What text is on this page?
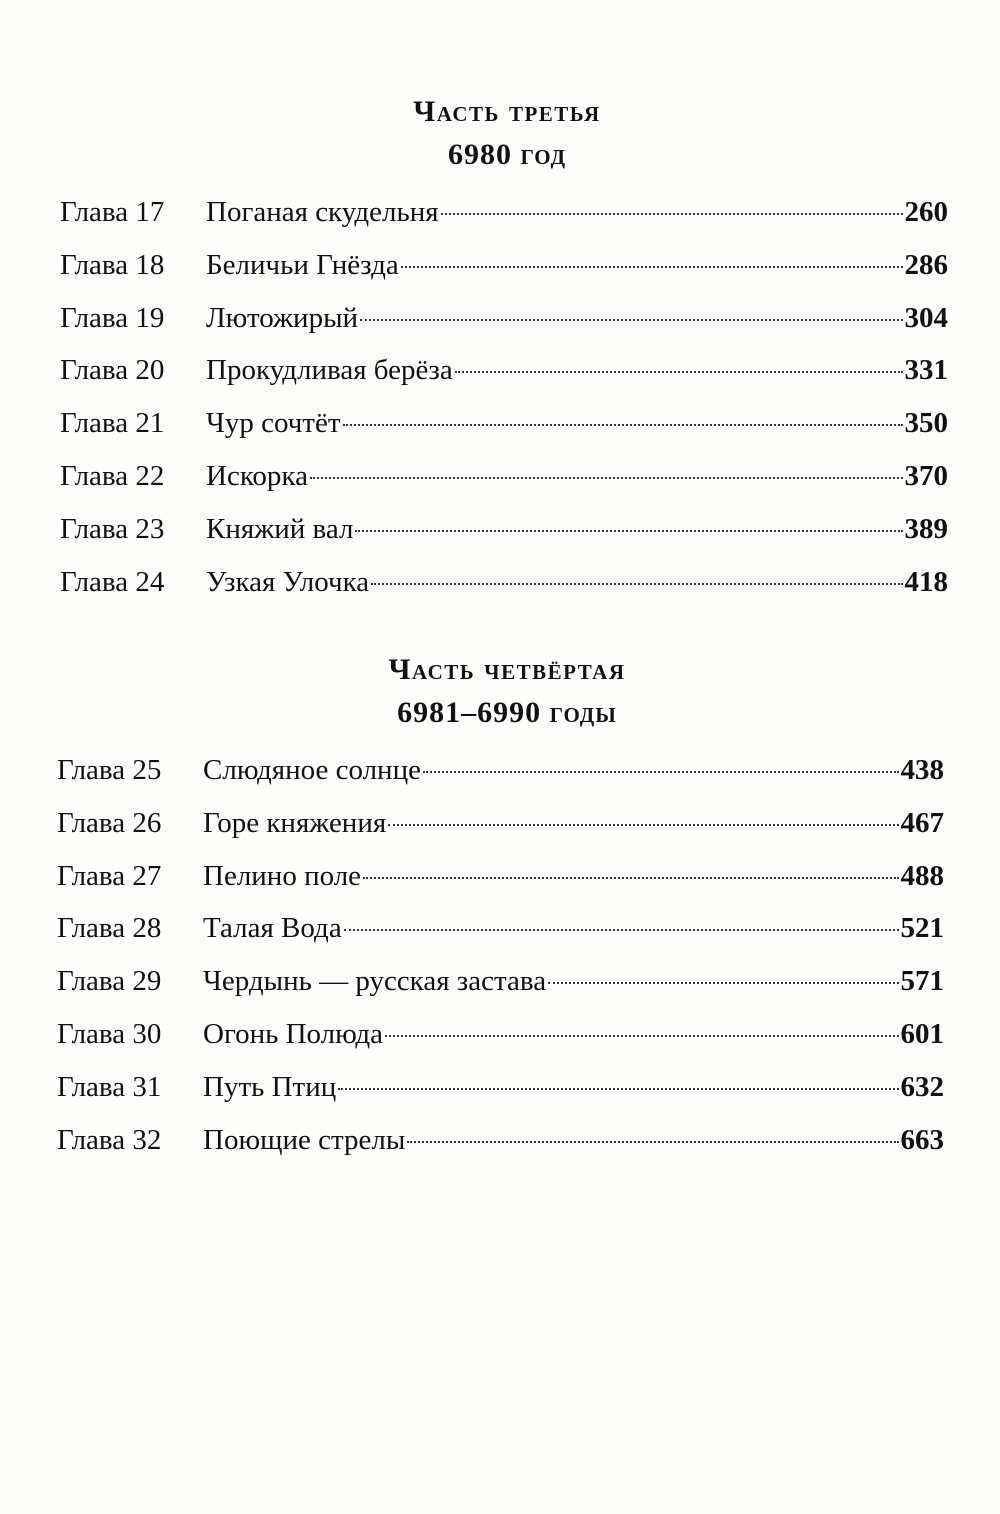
Часть третья
6980 год
Глава 17	Поганая скудельня	260
Глава 18	Беличьи Гнёзда	286
Глава 19	Лютожирый	304
Глава 20	Прокудливая берёза	331
Глава 21	Чур сочтёт	350
Глава 22	Искорка	370
Глава 23	Княжий вал	389
Глава 24	Узкая Улочка	418
Часть четвёртая
6981–6990 годы
Глава 25	Слюдяное солнце	438
Глава 26	Горе княжения	467
Глава 27	Пелино поле	488
Глава 28	Талая Вода	521
Глава 29	Чердынь — русская застава	571
Глава 30	Огонь Полюда	601
Глава 31	Путь Птиц	632
Глава 32	Поющие стрелы	663
